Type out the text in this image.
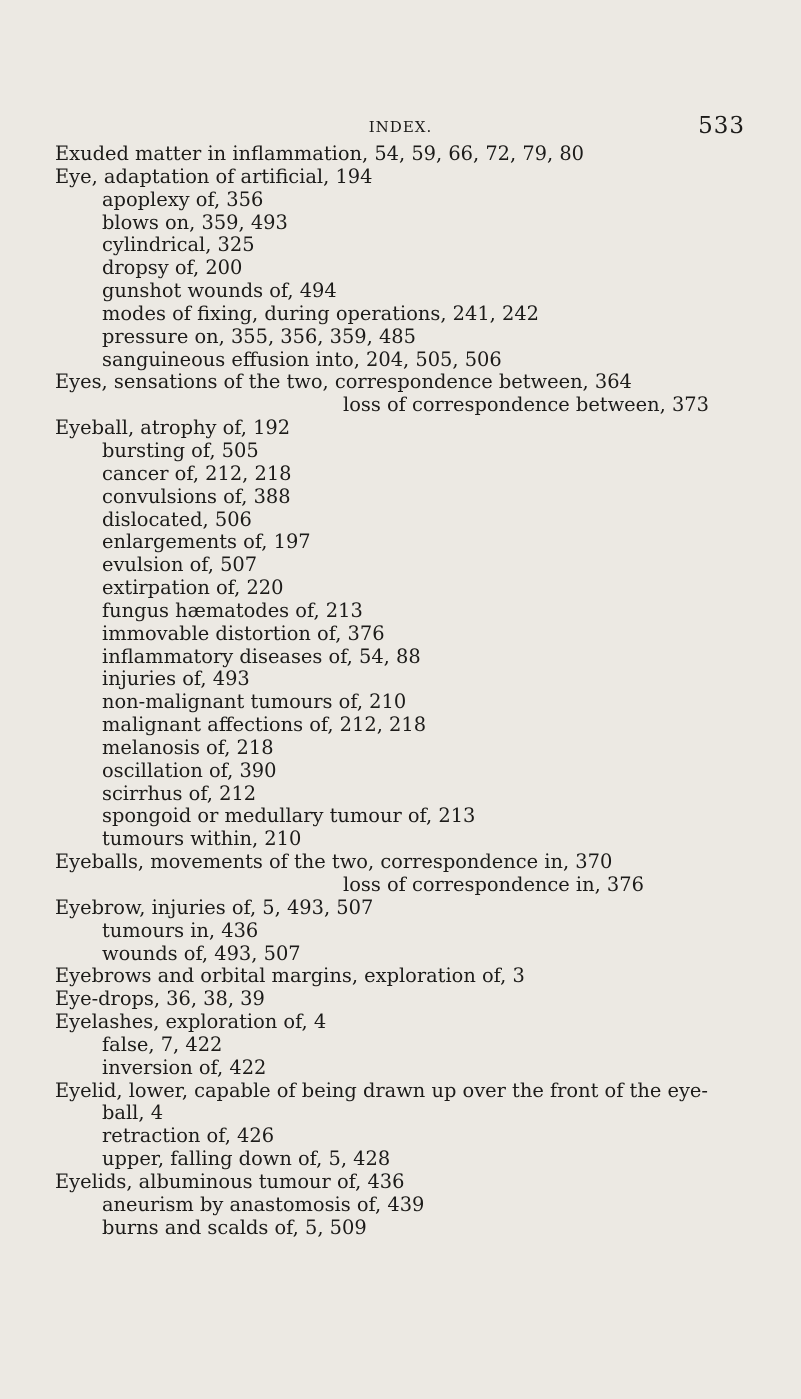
INDEX.	533
Exuded matter in inflammation, 54, 59, 66, 72, 79, 80
Eye, adaptation of artificial, 194
apoplexy of, 356
blows on, 359, 493
cylindrical, 325
dropsy of, 200
gunshot wounds of, 494
modes of fixing, during operations, 241, 242
pressure on, 355, 356, 359, 485
sanguineous effusion into, 204, 505, 506
Eyes, sensations of the two, correspondence between, 364
loss of correspondence between, 373
Eyeball, atrophy of, 192
bursting of, 505
cancer of, 212, 218
convulsions of, 388
dislocated, 506
enlargements of, 197
evulsion of, 507
extirpation of, 220
fungus hæmatodes of, 213
immovable distortion of, 376
inflammatory diseases of, 54, 88
injuries of, 493
non-malignant tumours of, 210
malignant affections of, 212, 218
melanosis of, 218
oscillation of, 390
scirrhus of, 212
spongoid or medullary tumour of, 213
tumours within, 210
Eyeballs, movements of the two, correspondence in, 370
loss of correspondence in, 376
Eyebrow, injuries of, 5, 493, 507
tumours in, 436
wounds of, 493, 507
Eyebrows and orbital margins, exploration of, 3
Eye-drops, 36, 38, 39
Eyelashes, exploration of, 4
false, 7, 422
inversion of, 422
Eyelid, lower, capable of being drawn up over the front of the eye-
ball, 4
retraction of, 426
upper, falling down of, 5, 428
Eyelids, albuminous tumour of, 436
aneurism by anastomosis of, 439
burns and scalds of, 5, 509
